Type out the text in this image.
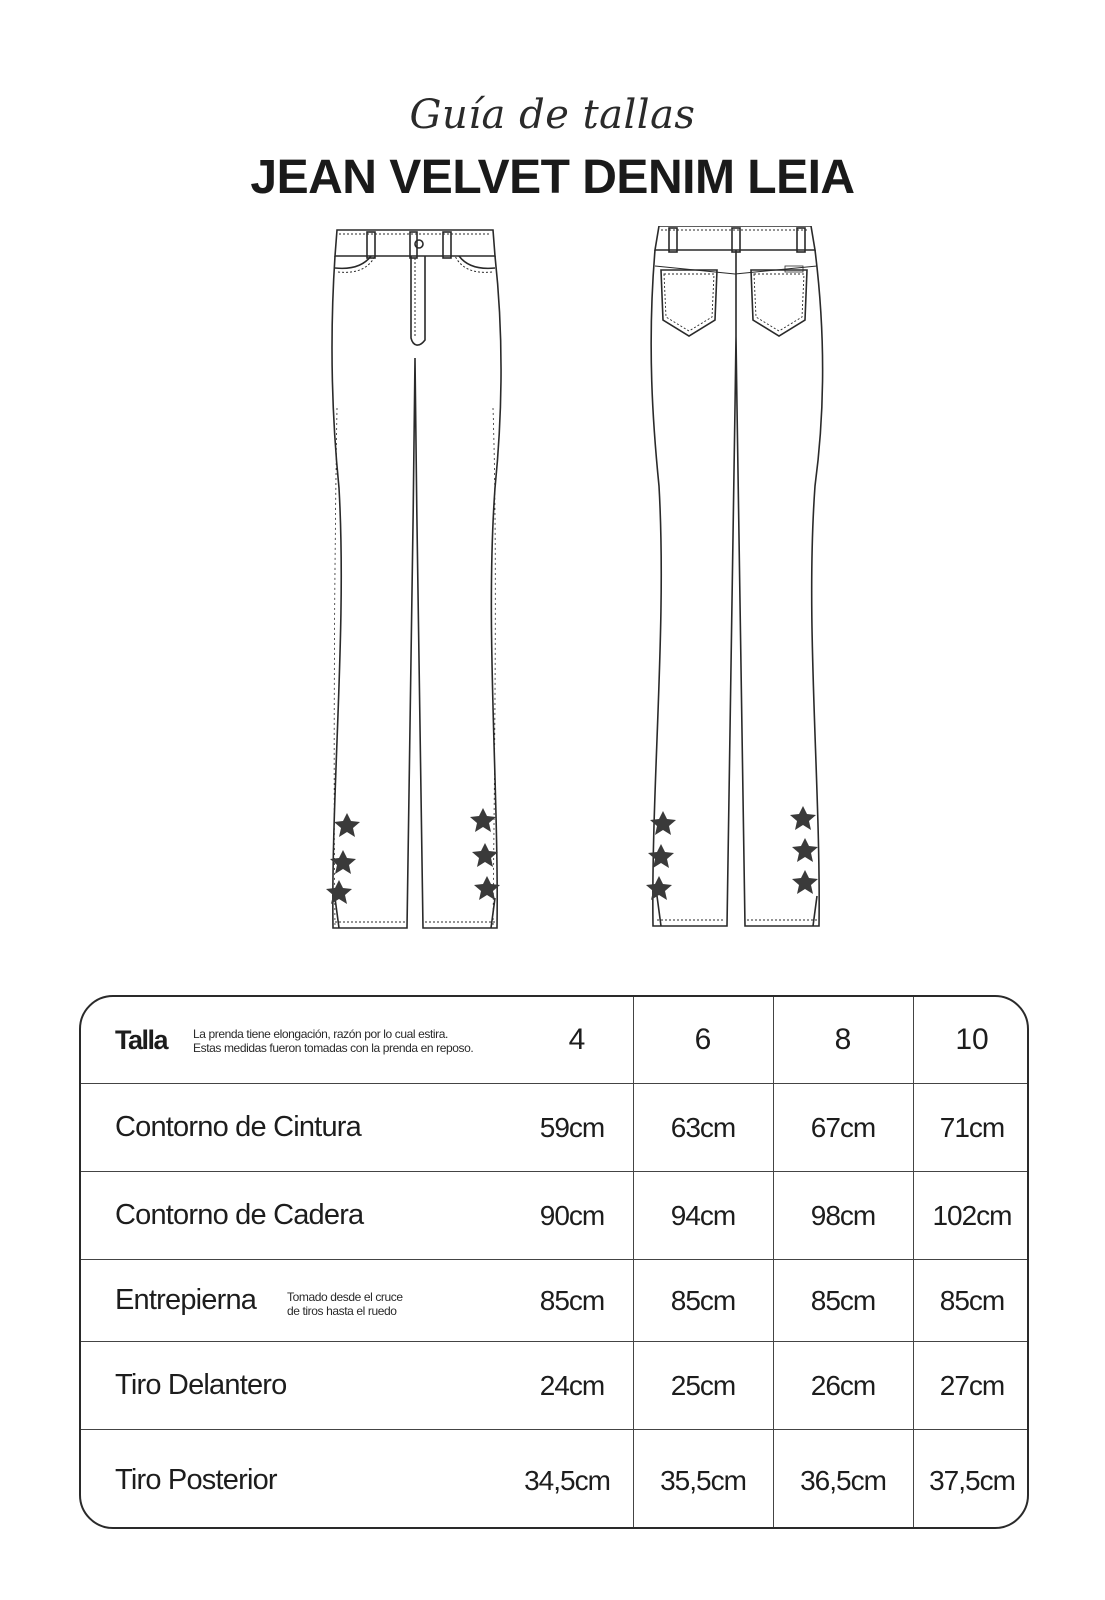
Guía de tallas
JEAN VELVET DENIM LEIA
Talla La prenda tiene elongación, razón por lo cual estira.
Estas medidas fueron tomadas con la prenda en reposo.	4	6	8	10
Contorno de Cintura	59cm	63cm	67cm	71cm
Contorno de Cadera	90cm	94cm	98cm	102cm
Entrepierna	Tomado desde el cruce
de tiros hasta el ruedo	85cm	85cm	85cm	85cm
Tiro Delantero	24cm	25cm	26cm	27cm
Tiro Posterior	34,5cm	35,5cm	36,5cm	37,5cm
